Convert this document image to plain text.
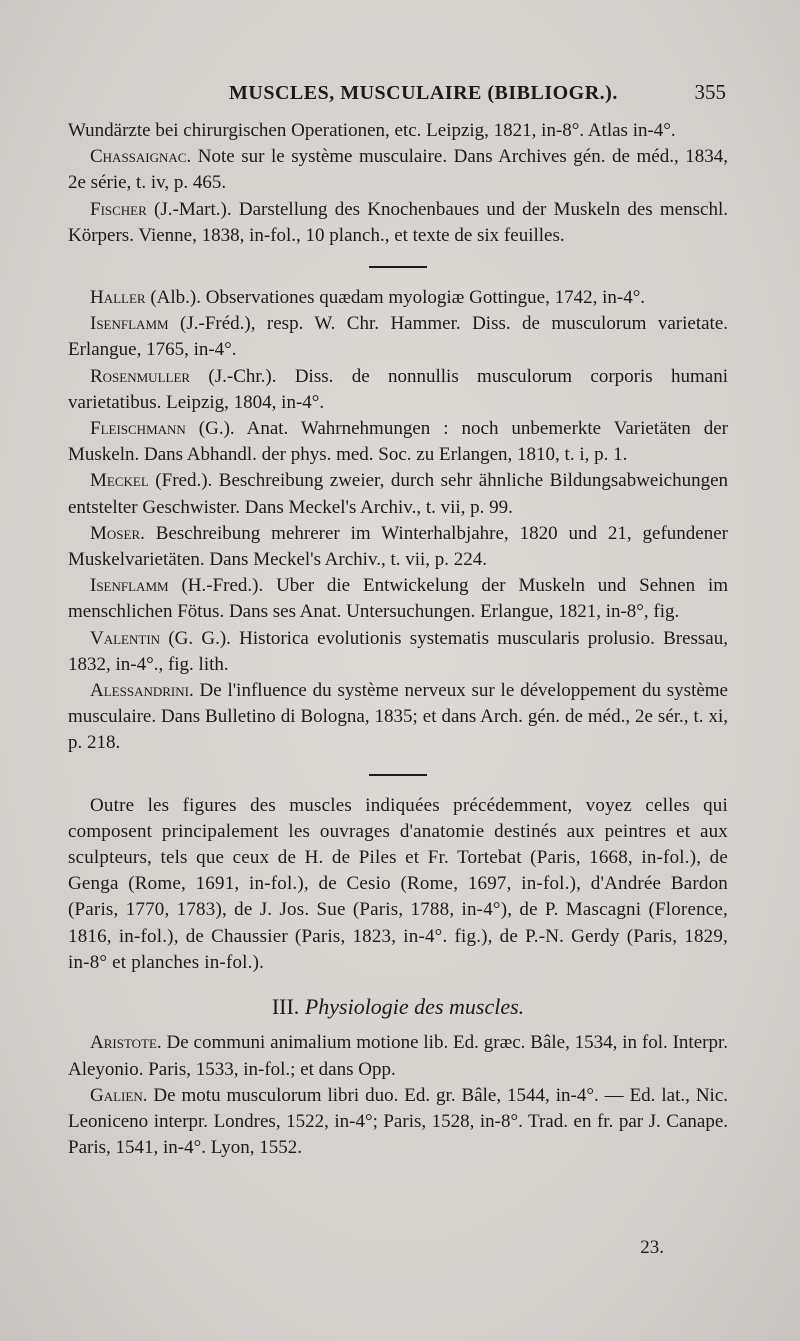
MUSCLES, MUSCULAIRE (BIBLIOGR.).	355

Wundärzte bei chirurgischen Operationen, etc. Leipzig, 1821, in-8°. Atlas in-4°.

Chassaignac. Note sur le système musculaire. Dans Archives gén. de méd., 1834, 2e série, t. iv, p. 465.

Fischer (J.-Mart.). Darstellung des Knochenbaues und der Muskeln des menschl. Körpers. Vienne, 1838, in-fol., 10 planch., et texte de six feuilles.

Haller (Alb.). Observationes quædam myologiæ Gottingue, 1742, in-4°.

Isenflamm (J.-Fréd.), resp. W. Chr. Hammer. Diss. de musculorum varietate. Erlangue, 1765, in-4°.

Rosenmuller (J.-Chr.). Diss. de nonnullis musculorum corporis humani varietatibus. Leipzig, 1804, in-4°.

Fleischmann (G.). Anat. Wahrnehmungen : noch unbemerkte Varietäten der Muskeln. Dans Abhandl. der phys. med. Soc. zu Erlangen, 1810, t. i, p. 1.

Meckel (Fred.). Beschreibung zweier, durch sehr ähnliche Bildungsabweichungen entstelter Geschwister. Dans Meckel's Archiv., t. vii, p. 99.

Moser. Beschreibung mehrerer im Winterhalbjahre, 1820 und 21, gefundener Muskelvarietäten. Dans Meckel's Archiv., t. vii, p. 224.

Isenflamm (H.-Fred.). Uber die Entwickelung der Muskeln und Sehnen im menschlichen Fötus. Dans ses Anat. Untersuchungen. Erlangue, 1821, in-8°, fig.

Valentin (G. G.). Historica evolutionis systematis muscularis prolusio. Bressau, 1832, in-4°., fig. lith.

Alessandrini. De l'influence du système nerveux sur le développement du système musculaire. Dans Bulletino di Bologna, 1835; et dans Arch. gén. de méd., 2e sér., t. xi, p. 218.

Outre les figures des muscles indiquées précédemment, voyez celles qui composent principalement les ouvrages d'anatomie destinés aux peintres et aux sculpteurs, tels que ceux de H. de Piles et Fr. Tortebat (Paris, 1668, in-fol.), de Genga (Rome, 1691, in-fol.), de Cesio (Rome, 1697, in-fol.), d'Andrée Bardon (Paris, 1770, 1783), de J. Jos. Sue (Paris, 1788, in-4°), de P. Mascagni (Florence, 1816, in-fol.), de Chaussier (Paris, 1823, in-4°. fig.), de P.-N. Gerdy (Paris, 1829, in-8° et planches in-fol.).

III. Physiologie des muscles.

Aristote. De communi animalium motione lib. Ed. græc. Bâle, 1534, in fol. Interpr. Aleyonio. Paris, 1533, in-fol.; et dans Opp.

Galien. De motu musculorum libri duo. Ed. gr. Bâle, 1544, in-4°. — Ed. lat., Nic. Leoniceno interpr. Londres, 1522, in-4°; Paris, 1528, in-8°. Trad. en fr. par J. Canape. Paris, 1541, in-4°. Lyon, 1552.

23.
